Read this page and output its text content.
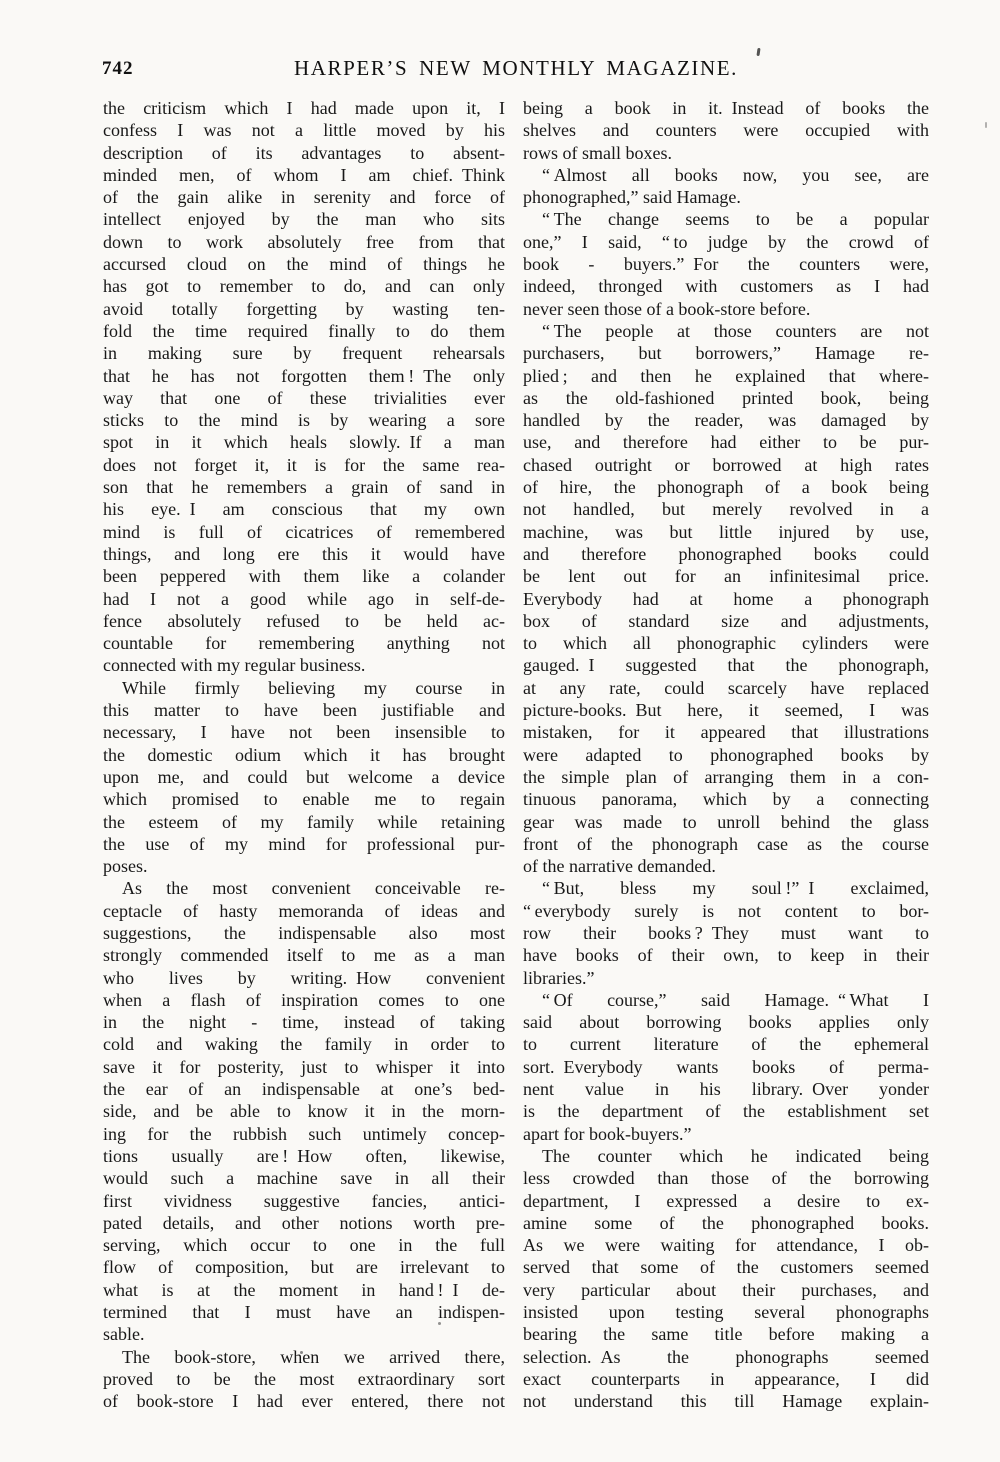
742	HARPER’S NEW MONTHLY MAGAZINE.
the criticism which I had made upon it, I
confess I was not a little moved by his
description of its advantages to absent-
minded men, of whom I am chief. Think
of the gain alike in serenity and force of
intellect enjoyed by the man who sits
down to work absolutely free from that
accursed cloud on the mind of things he
has got to remember to do, and can only
avoid totally forgetting by wasting ten-
fold the time required finally to do them
in making sure by frequent rehearsals
that he has not forgotten them ! The only
way that one of these trivialities ever
sticks to the mind is by wearing a sore
spot in it which heals slowly. If a man
does not forget it, it is for the same rea-
son that he remembers a grain of sand in
his eye. I am conscious that my own
mind is full of cicatrices of remembered
things, and long ere this it would have
been peppered with them like a colander
had I not a good while ago in self-de-
fence absolutely refused to be held ac-
countable for remembering anything not
connected with my regular business.
While firmly believing my course in
this matter to have been justifiable and
necessary, I have not been insensible to
the domestic odium which it has brought
upon me, and could but welcome a device
which promised to enable me to regain
the esteem of my family while retaining
the use of my mind for professional pur-
poses.
As the most convenient conceivable re-
ceptacle of hasty memoranda of ideas and
suggestions, the indispensable also most
strongly commended itself to me as a man
who lives by writing. How convenient
when a flash of inspiration comes to one
in the night - time, instead of taking
cold and waking the family in order to
save it for posterity, just to whisper it into
the ear of an indispensable at one’s bed-
side, and be able to know it in the morn-
ing for the rubbish such untimely concep-
tions usually are ! How often, likewise,
would such a machine save in all their
first vividness suggestive fancies, antici-
pated details, and other notions worth pre-
serving, which occur to one in the full
flow of composition, but are irrelevant to
what is at the moment in hand ! I de-
termined that I must have an indispen-
sable.
The book-store, when we arrived there,
proved to be the most extraordinary sort
of book-store I had ever entered, there not
being a book in it. Instead of books the
shelves and counters were occupied with
rows of small boxes.
“ Almost all books now, you see, are
phonographed,” said Hamage.
“ The change seems to be a popular
one,” I said, “ to judge by the crowd of
book - buyers.” For the counters were,
indeed, thronged with customers as I had
never seen those of a book-store before.
“ The people at those counters are not
purchasers, but borrowers,” Hamage re-
plied ; and then he explained that where-
as the old-fashioned printed book, being
handled by the reader, was damaged by
use, and therefore had either to be pur-
chased outright or borrowed at high rates
of hire, the phonograph of a book being
not handled, but merely revolved in a
machine, was but little injured by use,
and therefore phonographed books could
be lent out for an infinitesimal price.
Everybody had at home a phonograph
box of standard size and adjustments,
to which all phonographic cylinders were
gauged. I suggested that the phonograph,
at any rate, could scarcely have replaced
picture-books. But here, it seemed, I was
mistaken, for it appeared that illustrations
were adapted to phonographed books by
the simple plan of arranging them in a con-
tinuous panorama, which by a connecting
gear was made to unroll behind the glass
front of the phonograph case as the course
of the narrative demanded.
“ But, bless my soul !” I exclaimed,
“ everybody surely is not content to bor-
row their books ? They must want to
have books of their own, to keep in their
libraries.”
“ Of course,” said Hamage. “ What I
said about borrowing books applies only
to current literature of the ephemeral
sort. Everybody wants books of perma-
nent value in his library. Over yonder
is the department of the establishment set
apart for book-buyers.”
The counter which he indicated being
less crowded than those of the borrowing
department, I expressed a desire to ex-
amine some of the phonographed books.
As we were waiting for attendance, I ob-
served that some of the customers seemed
very particular about their purchases, and
insisted upon testing several phonographs
bearing the same title before making a
selection. As the phonographs seemed
exact counterparts in appearance, I did
not understand this till Hamage explain-
